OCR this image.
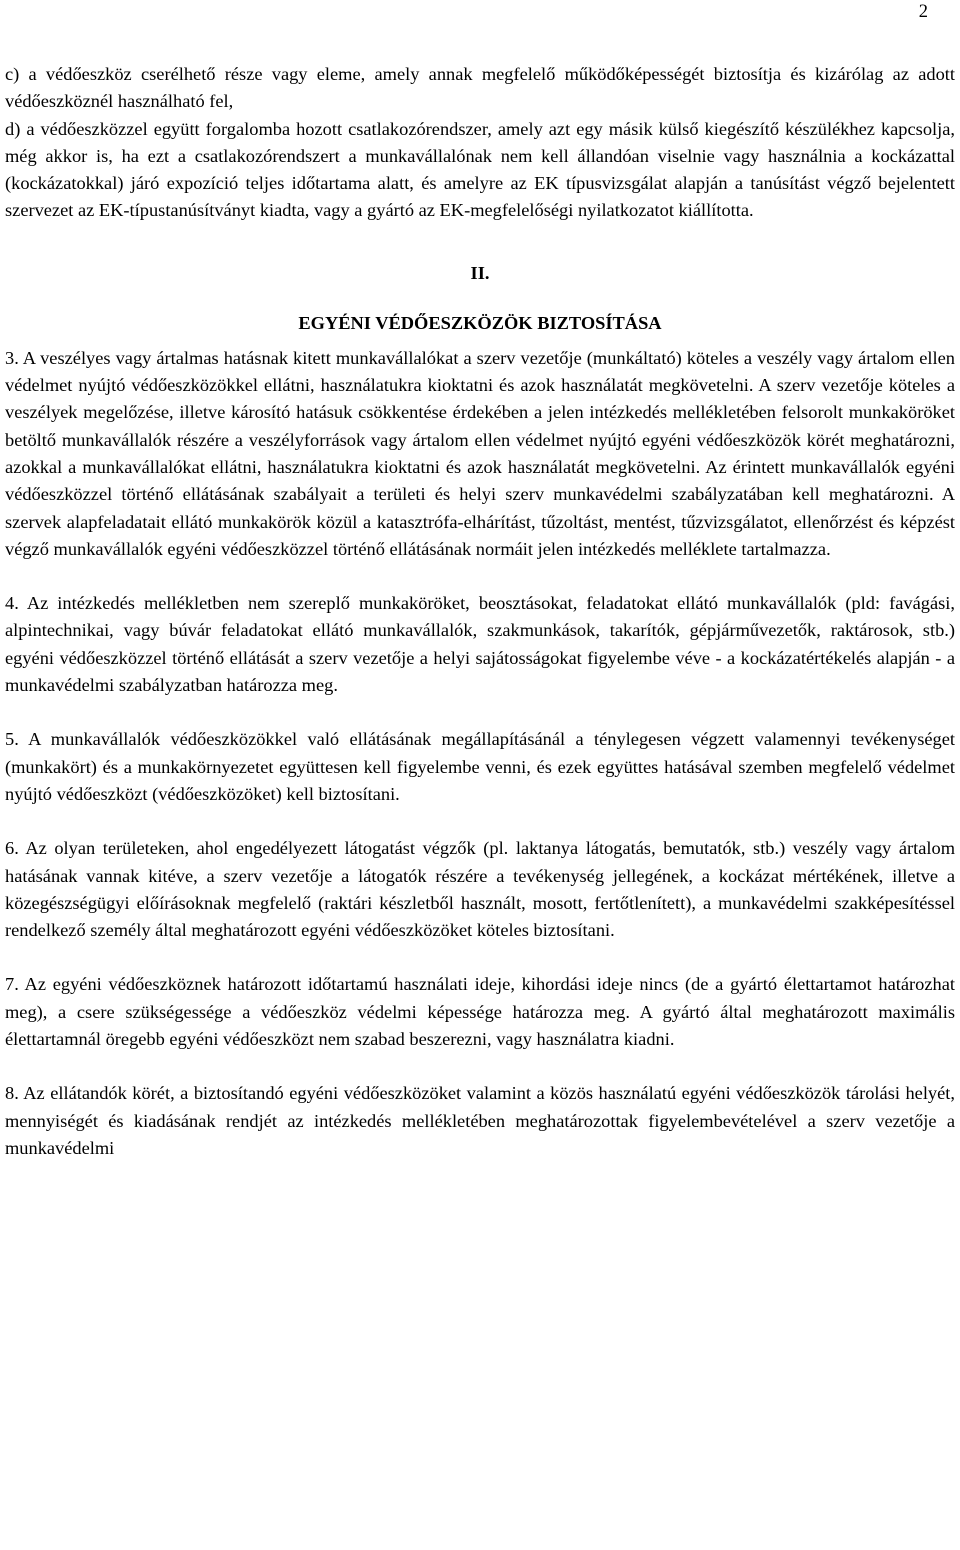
2

c) a védőeszköz cserélhető része vagy eleme, amely annak megfelelő működőképességét biztosítja és kizárólag az adott védőeszköznél használható fel,

d) a védőeszközzel együtt forgalomba hozott csatlakozórendszer, amely azt egy másik külső kiegészítő készülékhez kapcsolja, még akkor is, ha ezt a csatlakozórendszert a munkavállalónak nem kell állandóan viselnie vagy használnia a kockázattal (kockázatokkal) járó expozíció teljes időtartama alatt, és amelyre az EK típusvizsgálat alapján a tanúsítást végző bejelentett szervezet az EK-típustanúsítványt kiadta, vagy a gyártó az EK-megfelelőségi nyilatkozatot kiállította.

II.
EGYÉNI VÉDŐESZKÖZÖK BIZTOSÍTÁSA

3. A veszélyes vagy ártalmas hatásnak kitett munkavállalókat a szerv vezetője (munkáltató) köteles a veszély vagy ártalom ellen védelmet nyújtó védőeszközökkel ellátni, használatukra kioktatni és azok használatát megkövetelni. A szerv vezetője köteles a veszélyek megelőzése, illetve károsító hatásuk csökkentése érdekében a jelen intézkedés mellékletében felsorolt munkaköröket betöltő munkavállalók részére a veszélyforrások vagy ártalom ellen védelmet nyújtó egyéni védőeszközök körét meghatározni, azokkal a munkavállalókat ellátni, használatukra kioktatni és azok használatát megkövetelni. Az érintett munkavállalók egyéni védőeszközzel történő ellátásának szabályait a területi és helyi szerv munkavédelmi szabályzatában kell meghatározni. A szervek alapfeladatait ellátó munkakörök közül a katasztrófa-elhárítást, tűzoltást, mentést, tűzvizsgálatot, ellenőrzést és képzést végző munkavállalók egyéni védőeszközzel történő ellátásának normáit jelen intézkedés melléklete tartalmazza.

4. Az intézkedés mellékletben nem szereplő munkaköröket, beosztásokat, feladatokat ellátó munkavállalók (pld: favágási, alpintechnikai, vagy búvár feladatokat ellátó munkavállalók, szakmunkások, takarítók, gépjárművezetők, raktárosok, stb.) egyéni védőeszközzel történő ellátását a szerv vezetője a helyi sajátosságokat figyelembe véve - a kockázatértékelés alapján - a munkavédelmi szabályzatban határozza meg.

5. A munkavállalók védőeszközökkel való ellátásának megállapításánál a ténylegesen végzett valamennyi tevékenységet (munkakört) és a munkakörnyezetet együttesen kell figyelembe venni, és ezek együttes hatásával szemben megfelelő védelmet nyújtó védőeszközt (védőeszközöket) kell biztosítani.

6. Az olyan területeken, ahol engedélyezett látogatást végzők (pl. laktanya látogatás, bemutatók, stb.) veszély vagy ártalom hatásának vannak kitéve, a szerv vezetője a látogatók részére a tevékenység jellegének, a kockázat mértékének, illetve a közegészségügyi előírásoknak megfelelő (raktári készletből használt, mosott, fertőtlenített), a munkavédelmi szakképesítéssel rendelkező személy által meghatározott egyéni védőeszközöket köteles biztosítani.

7. Az egyéni védőeszköznek határozott időtartamú használati ideje, kihordási ideje nincs (de a gyártó élettartamot határozhat meg), a csere szükségessége a védőeszköz védelmi képessége határozza meg. A gyártó által meghatározott maximális élettartamnál öregebb egyéni védőeszközt nem szabad beszerezni, vagy használatra kiadni.

8. Az ellátandók körét, a biztosítandó egyéni védőeszközöket valamint a közös használatú egyéni védőeszközök tárolási helyét, mennyiségét és kiadásának rendjét az intézkedés mellékletében meghatározottak figyelembevételével a szerv vezetője a munkavédelmi
